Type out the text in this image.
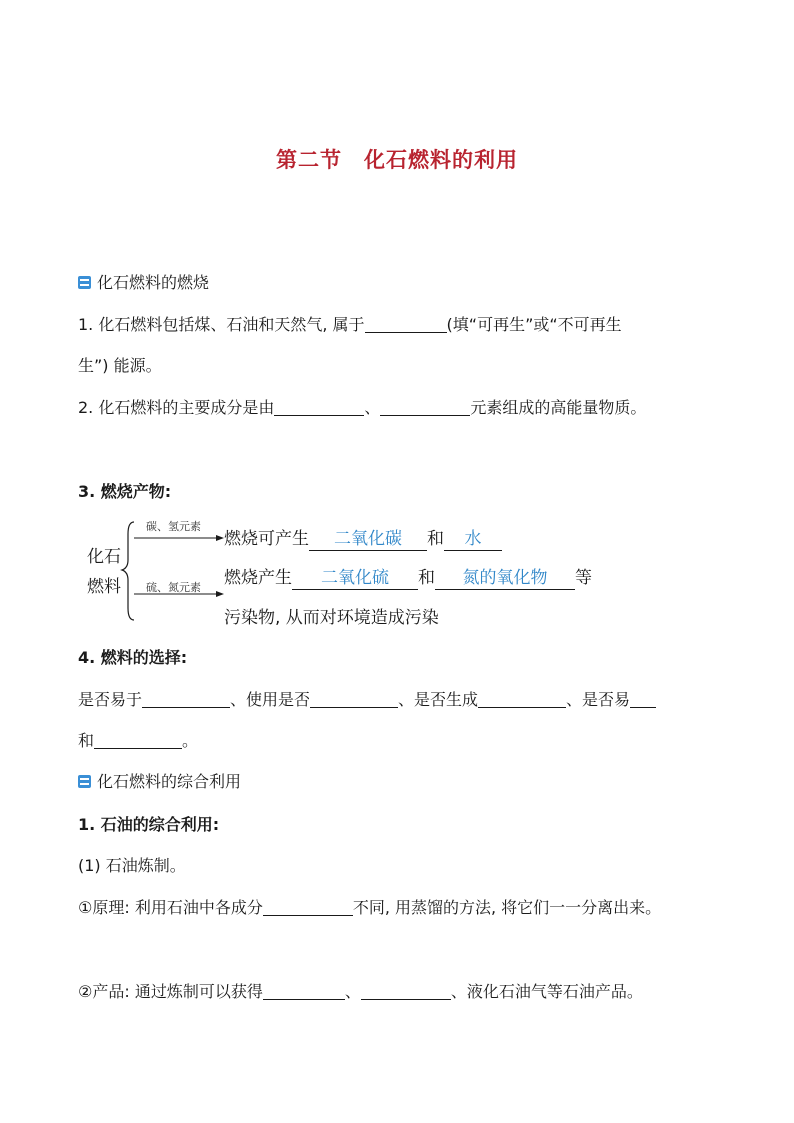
第二节　化石燃料的利用
化石燃料的燃烧
1. 化石燃料包括煤、石油和天然气, 属于	(填“可再生”或“不可再生
生”) 能源。
2. 化石燃料的主要成分是由	、	元素组成的高能量物质。
3. 燃烧产物:
化石
燃料
碳、氢元素
硫、氮元素
燃烧可产生 二氧化碳 和 水
燃烧产生 二氧化硫 和 氮的氧化物 等
污染物, 从而对环境造成污染
4. 燃料的选择:
是否易于	、使用是否	、是否生成	、是否易
和	。
化石燃料的综合利用
1. 石油的综合利用:
(1) 石油炼制。
①原理: 利用石油中各成分	不同, 用蒸馏的方法, 将它们一一分离出来。
②产品: 通过炼制可以获得	、	、液化石油气等石油产品。
